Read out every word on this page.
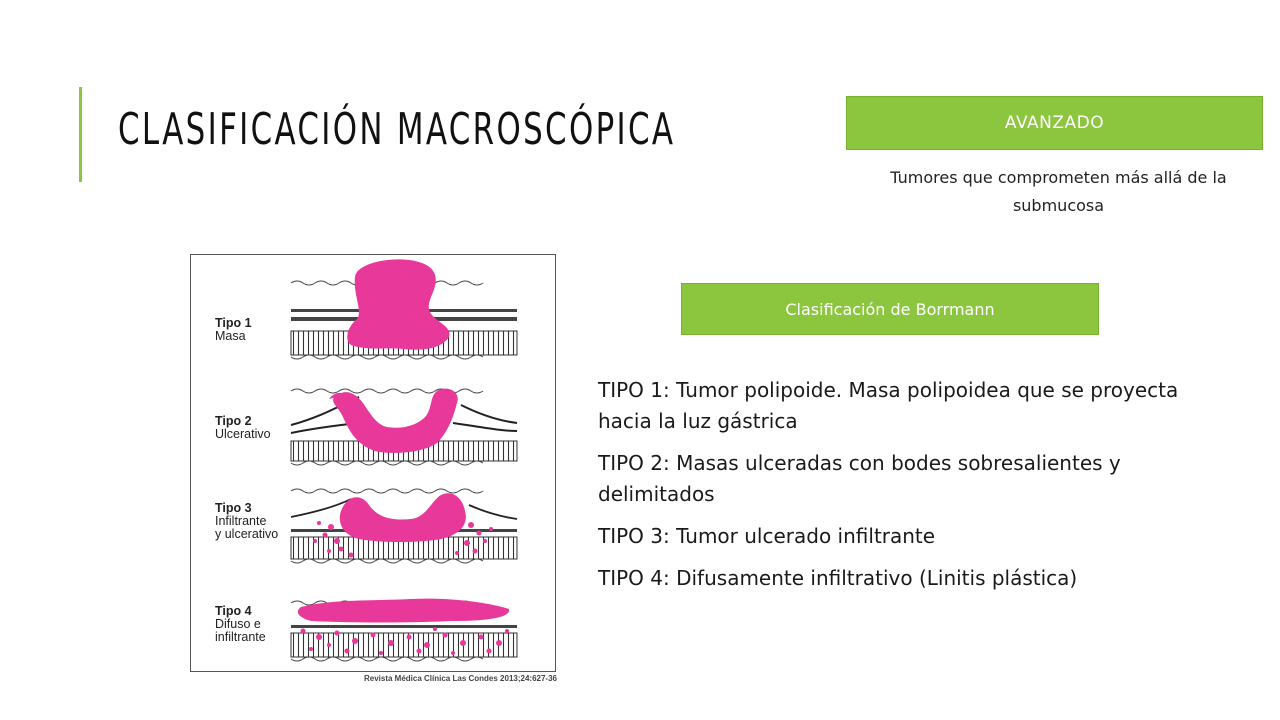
CLASIFICACIÓN MACROSCÓPICA	AVANZADO
Tumores que comprometen más allá de la submucosa
Clasificación de Borrmann

TIPO 1: Tumor polipoide. Masa polipoidea que se proyecta hacia la luz gástrica

TIPO 2: Masas ulceradas con bodes sobresalientes y delimitados

TIPO 3: Tumor ulcerado infiltrante

TIPO 4: Difusamente infiltrativo (Linitis plástica)

Tipo 1
Masa
Tipo 2
Ulcerativo
Tipo 3
Infiltrante
y ulcerativo
Tipo 4
Difuso e
infiltrante
Revista Médica Clínica Las Condes 2013;24:627-36
